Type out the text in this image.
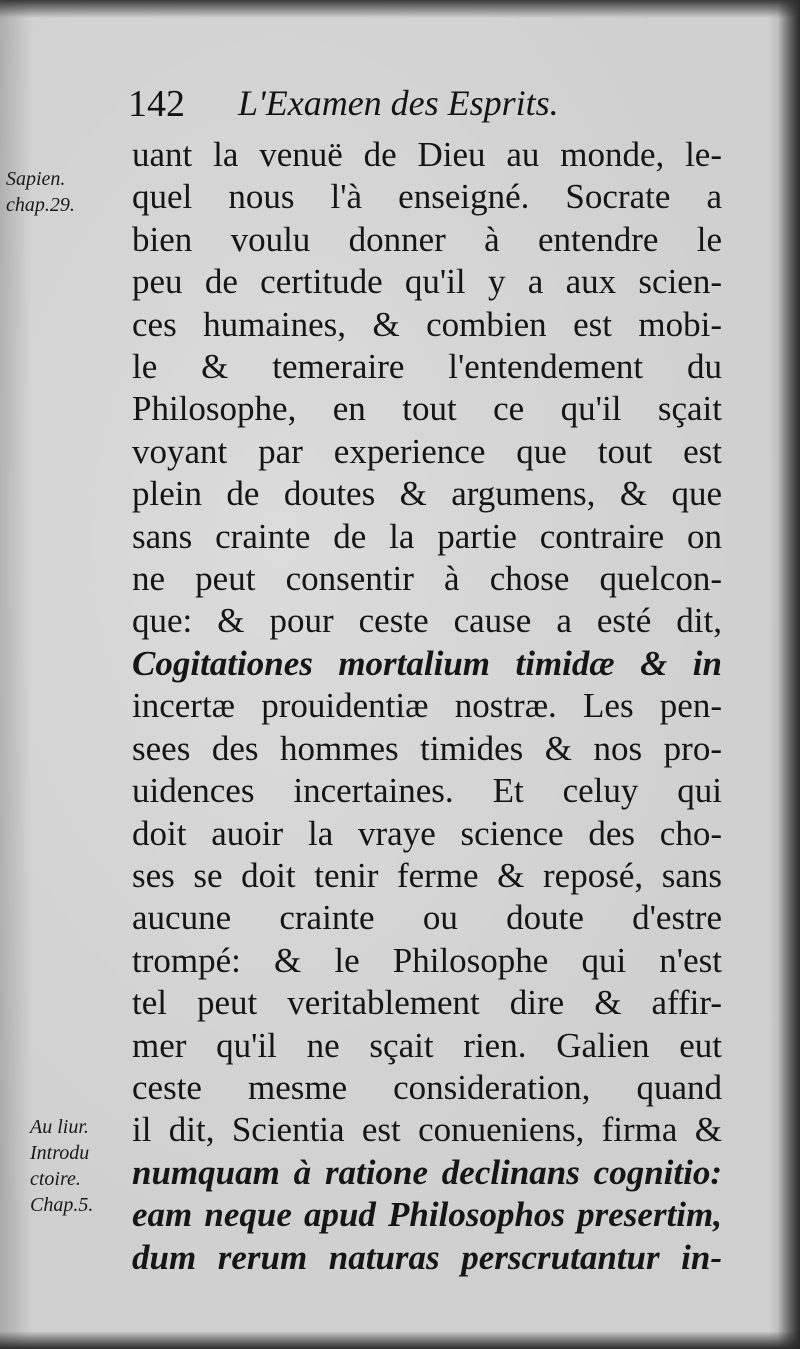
142 L'Examen des Esprits.
Sapien.
chap.29.
Au liur.
Introdu
ctoire.
Chap.5.
uant la venuë de Dieu au monde, le-
quel nous l'à enseigné. Socrate a
bien voulu donner à entendre le
peu de certitude qu'il y a aux scien-
ces humaines, & combien est mobi-
le & temeraire l'entendement du
Philosophe, en tout ce qu'il sçait
voyant par experience que tout est
plein de doutes & argumens, & que
sans crainte de la partie contraire on
ne peut consentir à chose quelcon-
que: & pour ceste cause a esté dit,
Cogitationes mortalium timidæ & in
incertæ prouidentiæ nostræ. Les pen-
sees des hommes timides & nos pro-
uidences incertaines. Et celuy qui
doit auoir la vraye science des cho-
ses se doit tenir ferme & reposé, sans
aucune crainte ou doute d'estre
trompé: & le Philosophe qui n'est
tel peut veritablement dire & affir-
mer qu'il ne sçait rien. Galien eut
ceste mesme consideration, quand
il dit, Scientia est conueniens, firma &
numquam à ratione declinans cognitio:
eam neque apud Philosophos presertim,
dum rerum naturas perscrutantur in-
